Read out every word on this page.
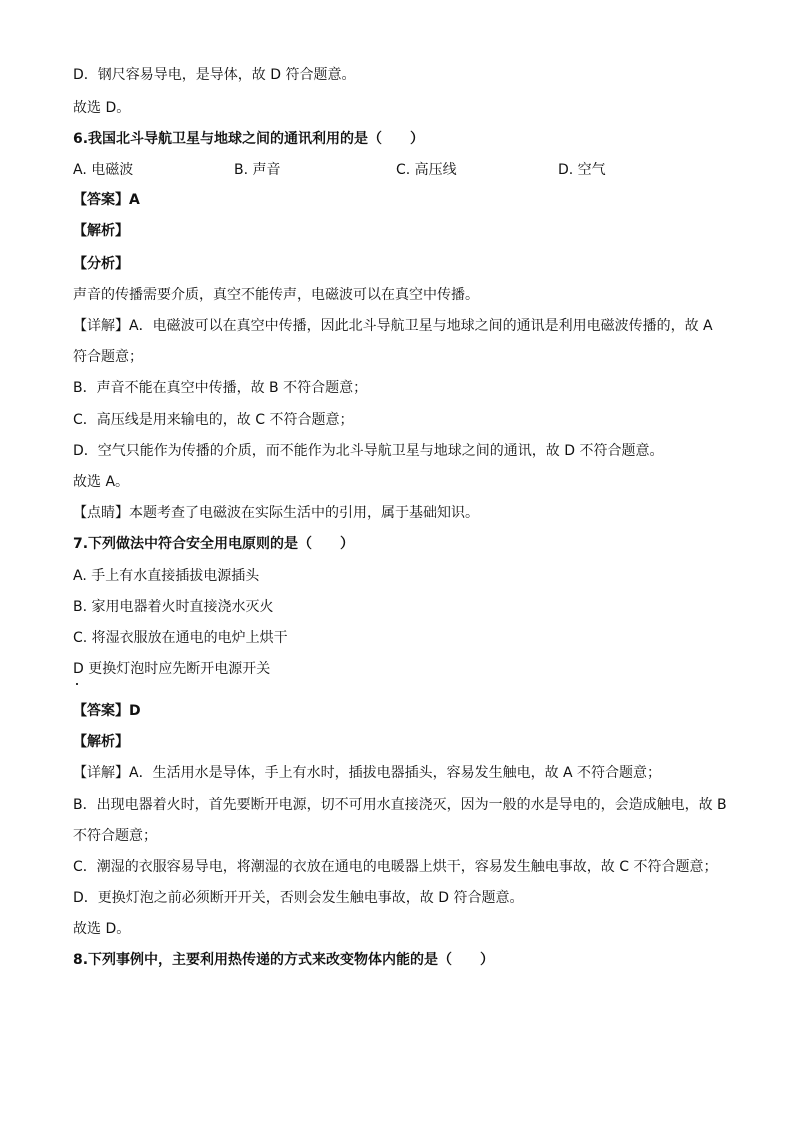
D．钢尺容易导电，是导体，故 D 符合题意。
故选 D。
6.我国北斗导航卫星与地球之间的通讯利用的是（　　）
A. 电磁波	B. 声音	C. 高压线	D. 空气
【答案】A
【解析】
【分析】
声音的传播需要介质，真空不能传声，电磁波可以在真空中传播。
【详解】A．电磁波可以在真空中传播，因此北斗导航卫星与地球之间的通讯是利用电磁波传播的，故 A
符合题意；
B．声音不能在真空中传播，故 B 不符合题意；
C．高压线是用来输电的，故 C 不符合题意；
D．空气只能作为传播的介质，而不能作为北斗导航卫星与地球之间的通讯，故 D 不符合题意。
故选 A。
【点睛】本题考查了电磁波在实际生活中的引用，属于基础知识。
7.下列做法中符合安全用电原则的是（　　）
A. 手上有水直接插拔电源插头
B. 家用电器着火时直接浇水灭火
C. 将湿衣服放在通电的电炉上烘干
D 更换灯泡时应先断开电源开关
【答案】D
【解析】
【详解】A．生活用水是导体，手上有水时，插拔电器插头，容易发生触电，故 A 不符合题意；
B．出现电器着火时，首先要断开电源，切不可用水直接浇灭，因为一般的水是导电的，会造成触电，故 B
不符合题意；
C．潮湿的衣服容易导电，将潮湿的衣放在通电的电暖器上烘干，容易发生触电事故，故 C 不符合题意；
D．更换灯泡之前必须断开开关，否则会发生触电事故，故 D 符合题意。
故选 D。
8.下列事例中，主要利用热传递的方式来改变物体内能的是（　　）
